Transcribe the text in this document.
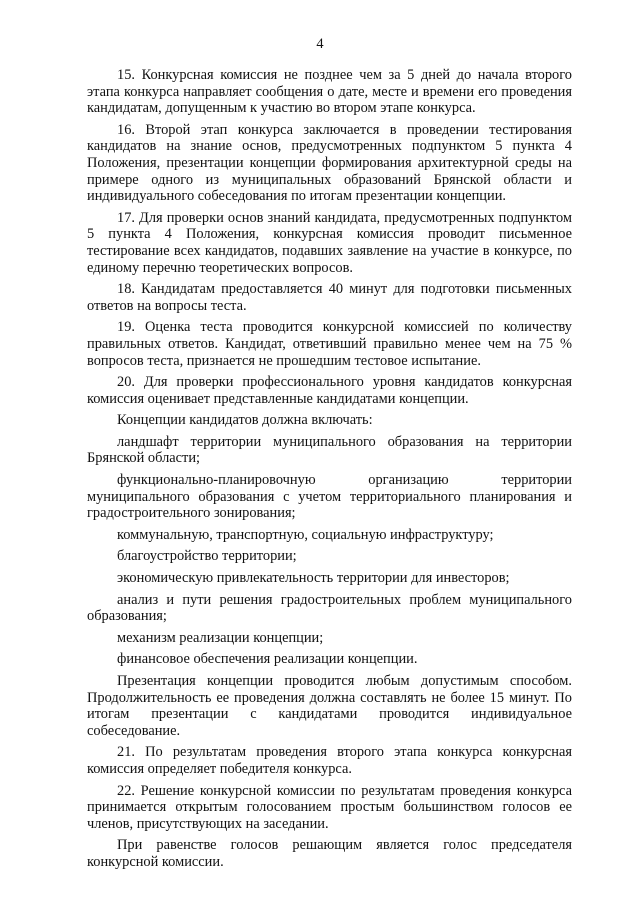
4

15. Конкурсная комиссия не позднее чем за 5 дней до начала второго этапа конкурса направляет сообщения о дате, месте и времени его проведения кандидатам, допущенным к участию во втором этапе конкурса.

16. Второй этап конкурса заключается в проведении тестирования кандидатов на знание основ, предусмотренных подпунктом 5 пункта 4 Положения, презентации концепции формирования архитектурной среды на примере одного из муниципальных образований Брянской области и индивидуального собеседования по итогам презентации концепции.

17. Для проверки основ знаний кандидата, предусмотренных подпунктом 5 пункта 4 Положения, конкурсная комиссия проводит письменное тестирование всех кандидатов, подавших заявление на участие в конкурсе, по единому перечню теоретических вопросов.

18. Кандидатам предоставляется 40 минут для подготовки письменных ответов на вопросы теста.

19. Оценка теста проводится конкурсной комиссией по количеству правильных ответов. Кандидат, ответивший правильно менее чем на 75 % вопросов теста, признается не прошедшим тестовое испытание.

20. Для проверки профессионального уровня кандидатов конкурсная комиссия оценивает представленные кандидатами концепции.

Концепции кандидатов должна включать:

ландшафт территории муниципального образования на территории Брянской области;

функционально-планировочную организацию территории муниципального образования с учетом территориального планирования и градостроительного зонирования;

коммунальную, транспортную, социальную инфраструктуру;

благоустройство территории;

экономическую привлекательность территории для инвесторов;

анализ и пути решения градостроительных проблем муниципального образования;

механизм реализации концепции;

финансовое обеспечения реализации концепции.

Презентация концепции проводится любым допустимым способом. Продолжительность ее проведения должна составлять не более 15 минут. По итогам презентации с кандидатами проводится индивидуальное собеседование.

21. По результатам проведения второго этапа конкурса конкурсная комиссия определяет победителя конкурса.

22. Решение конкурсной комиссии по результатам проведения конкурса принимается открытым голосованием простым большинством голосов ее членов, присутствующих на заседании.

При равенстве голосов решающим является голос председателя конкурсной комиссии.
